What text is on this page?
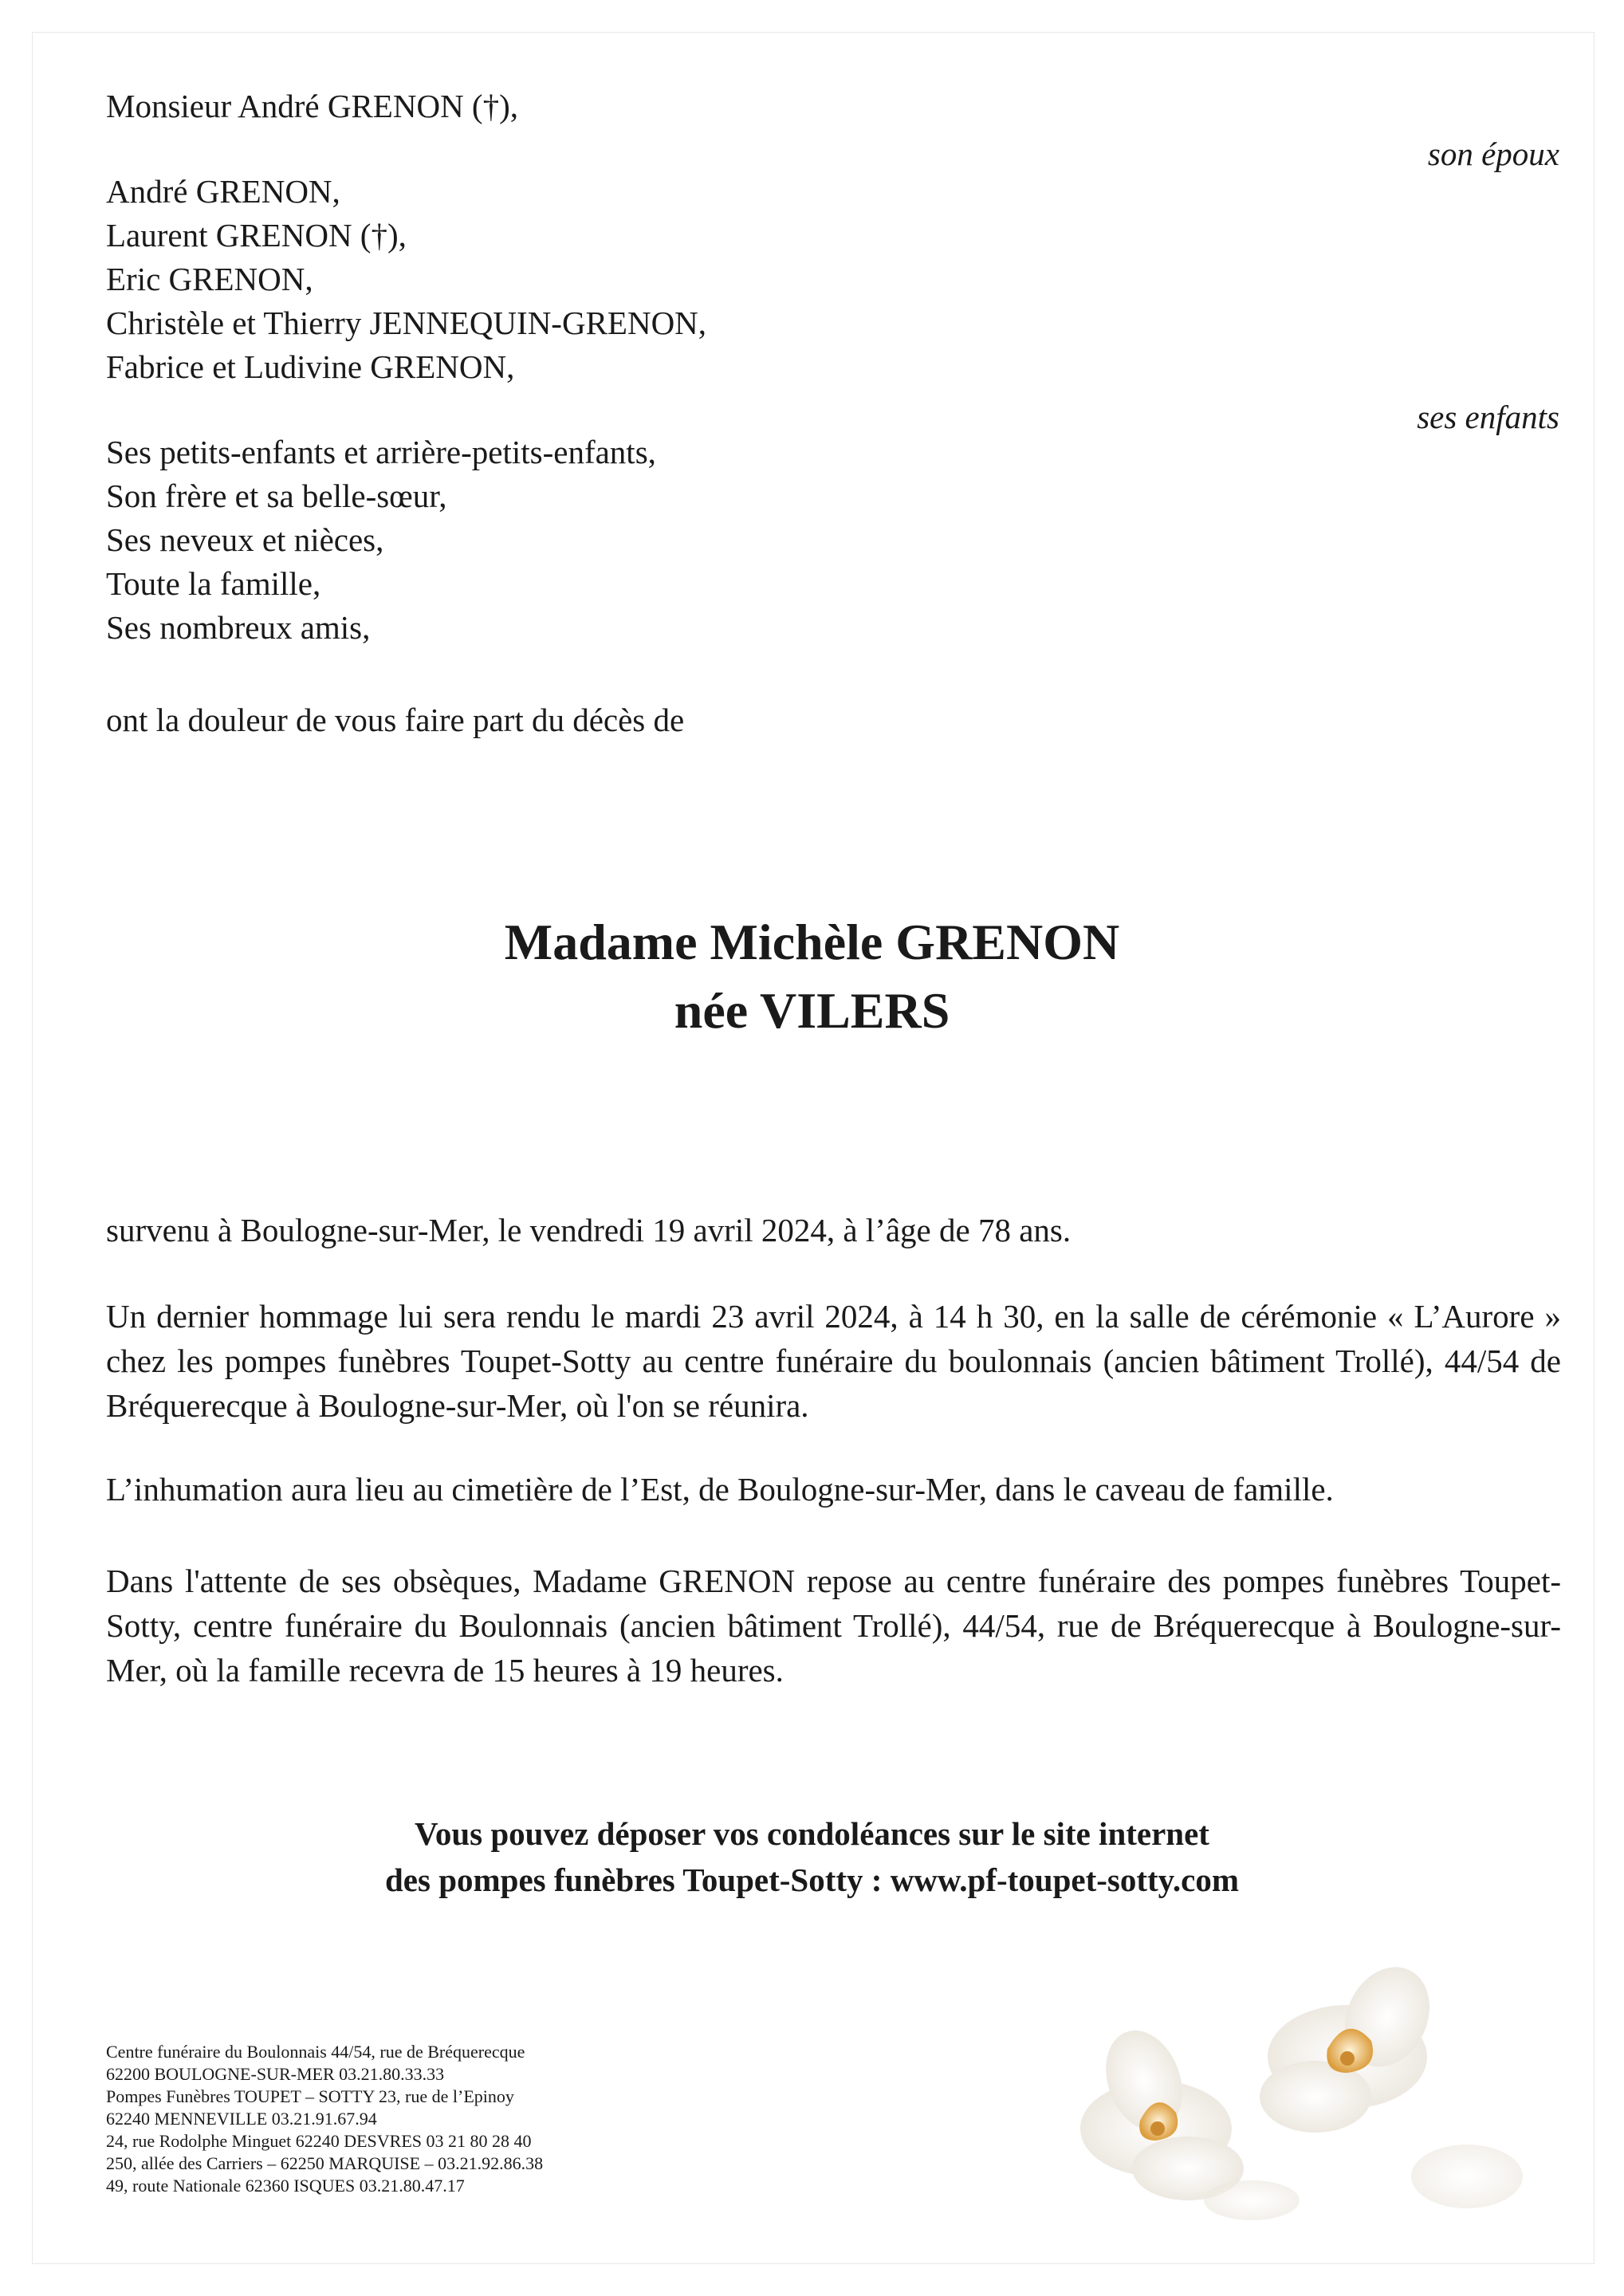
Monsieur André GRENON (†),
son époux
André GRENON,
Laurent GRENON (†),
Eric GRENON,
Christèle et Thierry JENNEQUIN-GRENON,
Fabrice et Ludivine GRENON,
ses enfants
Ses petits-enfants et arrière-petits-enfants,
Son frère et sa belle-sœur,
Ses neveux et nièces,
Toute la famille,
Ses nombreux amis,
ont la douleur de vous faire part du décès de
Madame Michèle GRENON
née VILERS
survenu à Boulogne-sur-Mer, le vendredi 19 avril 2024, à l’âge de 78 ans.
Un dernier hommage lui sera rendu le mardi 23 avril 2024, à 14 h 30, en la salle de cérémonie « L’Aurore » chez les pompes funèbres Toupet-Sotty au centre funéraire du boulonnais (ancien bâtiment Trollé), 44/54 de Bréquerecque à Boulogne-sur-Mer, où l'on se réunira.
L’inhumation aura lieu au cimetière de l’Est, de Boulogne-sur-Mer, dans le caveau de famille.
Dans l'attente de ses obsèques, Madame GRENON repose au centre funéraire des pompes funèbres Toupet-Sotty, centre funéraire du Boulonnais (ancien bâtiment Trollé), 44/54, rue de Bréquerecque à Boulogne-sur-Mer, où la famille recevra de 15 heures à 19 heures.
Vous pouvez déposer vos condoléances sur le site internet
des pompes funèbres Toupet-Sotty : www.pf-toupet-sotty.com
Centre funéraire du Boulonnais 44/54, rue de Bréquerecque
62200 BOULOGNE-SUR-MER 03.21.80.33.33
Pompes Funèbres TOUPET – SOTTY 23, rue de l’Epinoy
62240 MENNEVILLE 03.21.91.67.94
24, rue Rodolphe Minguet 62240 DESVRES 03 21 80 28 40
250, allée des Carriers – 62250 MARQUISE – 03.21.92.86.38
49, route Nationale 62360 ISQUES 03.21.80.47.17
